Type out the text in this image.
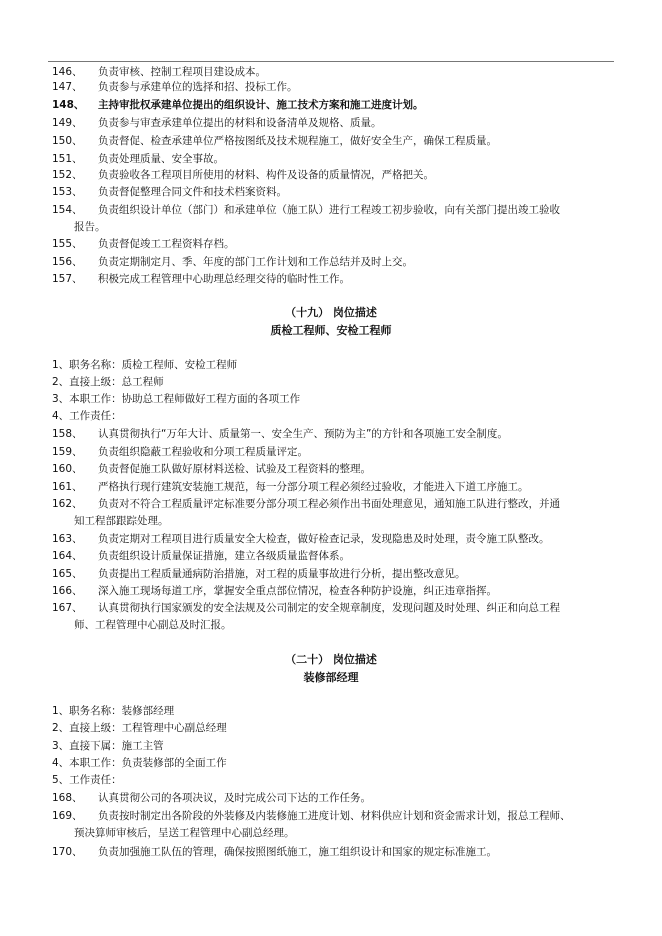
146、 负责审核、控制工程项目建设成本。
147、 负责参与承建单位的选择和招、投标工作。
148、 主持审批权承建单位提出的组织设计、施工技术方案和施工进度计划。
149、 负责参与审查承建单位提出的材料和设备清单及规格、质量。
150、 负责督促、检查承建单位严格按图纸及技术规程施工，做好安全生产，确保工程质量。
151、 负责处理质量、安全事故。
152、 负责验收各工程项目所使用的材料、构件及设备的质量情况，严格把关。
153、 负责督促整理合同文件和技术档案资料。
154、 负责组织设计单位（部门）和承建单位（施工队）进行工程竣工初步验收，向有关部门提出竣工验收
报告。
155、 负责督促竣工工程资料存档。
156、 负责定期制定月、季、年度的部门工作计划和工作总结并及时上交。
157、 积极完成工程管理中心助理总经理交待的临时性工作。
（十九） 岗位描述
质检工程师、安检工程师
1、职务名称：质检工程师、安检工程师
2、直接上级：总工程师
3、本职工作：协助总工程师做好工程方面的各项工作
4、工作责任：
158、 认真贯彻执行“万年大计、质量第一、安全生产、预防为主”的方针和各项施工安全制度。
159、 负责组织隐蔽工程验收和分项工程质量评定。
160、 负责督促施工队做好原材料送检、试验及工程资料的整理。
161、 严格执行现行建筑安装施工规范，每一分部分项工程必须经过验收，才能进入下道工序施工。
162、 负责对不符合工程质量评定标准要分部分项工程必须作出书面处理意见，通知施工队进行整改，并通
知工程部跟踪处理。
163、 负责定期对工程项目进行质量安全大检查，做好检查记录，发现隐患及时处理，责令施工队整改。
164、 负责组织设计质量保证措施，建立各级质量监督体系。
165、 负责提出工程质量通病防治措施，对工程的质量事故进行分析，提出整改意见。
166、 深入施工现场每道工序，掌握安全重点部位情况，检查各种防护设施，纠正违章指挥。
167、 认真贯彻执行国家颁发的安全法规及公司制定的安全规章制度，发现问题及时处理、纠正和向总工程
师、工程管理中心副总及时汇报。
（二十） 岗位描述
装修部经理
1、职务名称：装修部经理
2、直接上级：工程管理中心副总经理
3、直接下属：施工主管
4、本职工作：负责装修部的全面工作
5、工作责任：
168、 认真贯彻公司的各项决议，及时完成公司下达的工作任务。
169、 负责按时制定出各阶段的外装修及内装修施工进度计划、材料供应计划和资金需求计划，报总工程师、
预决算师审核后，呈送工程管理中心副总经理。
170、 负责加强施工队伍的管理，确保按照图纸施工，施工组织设计和国家的规定标准施工。
